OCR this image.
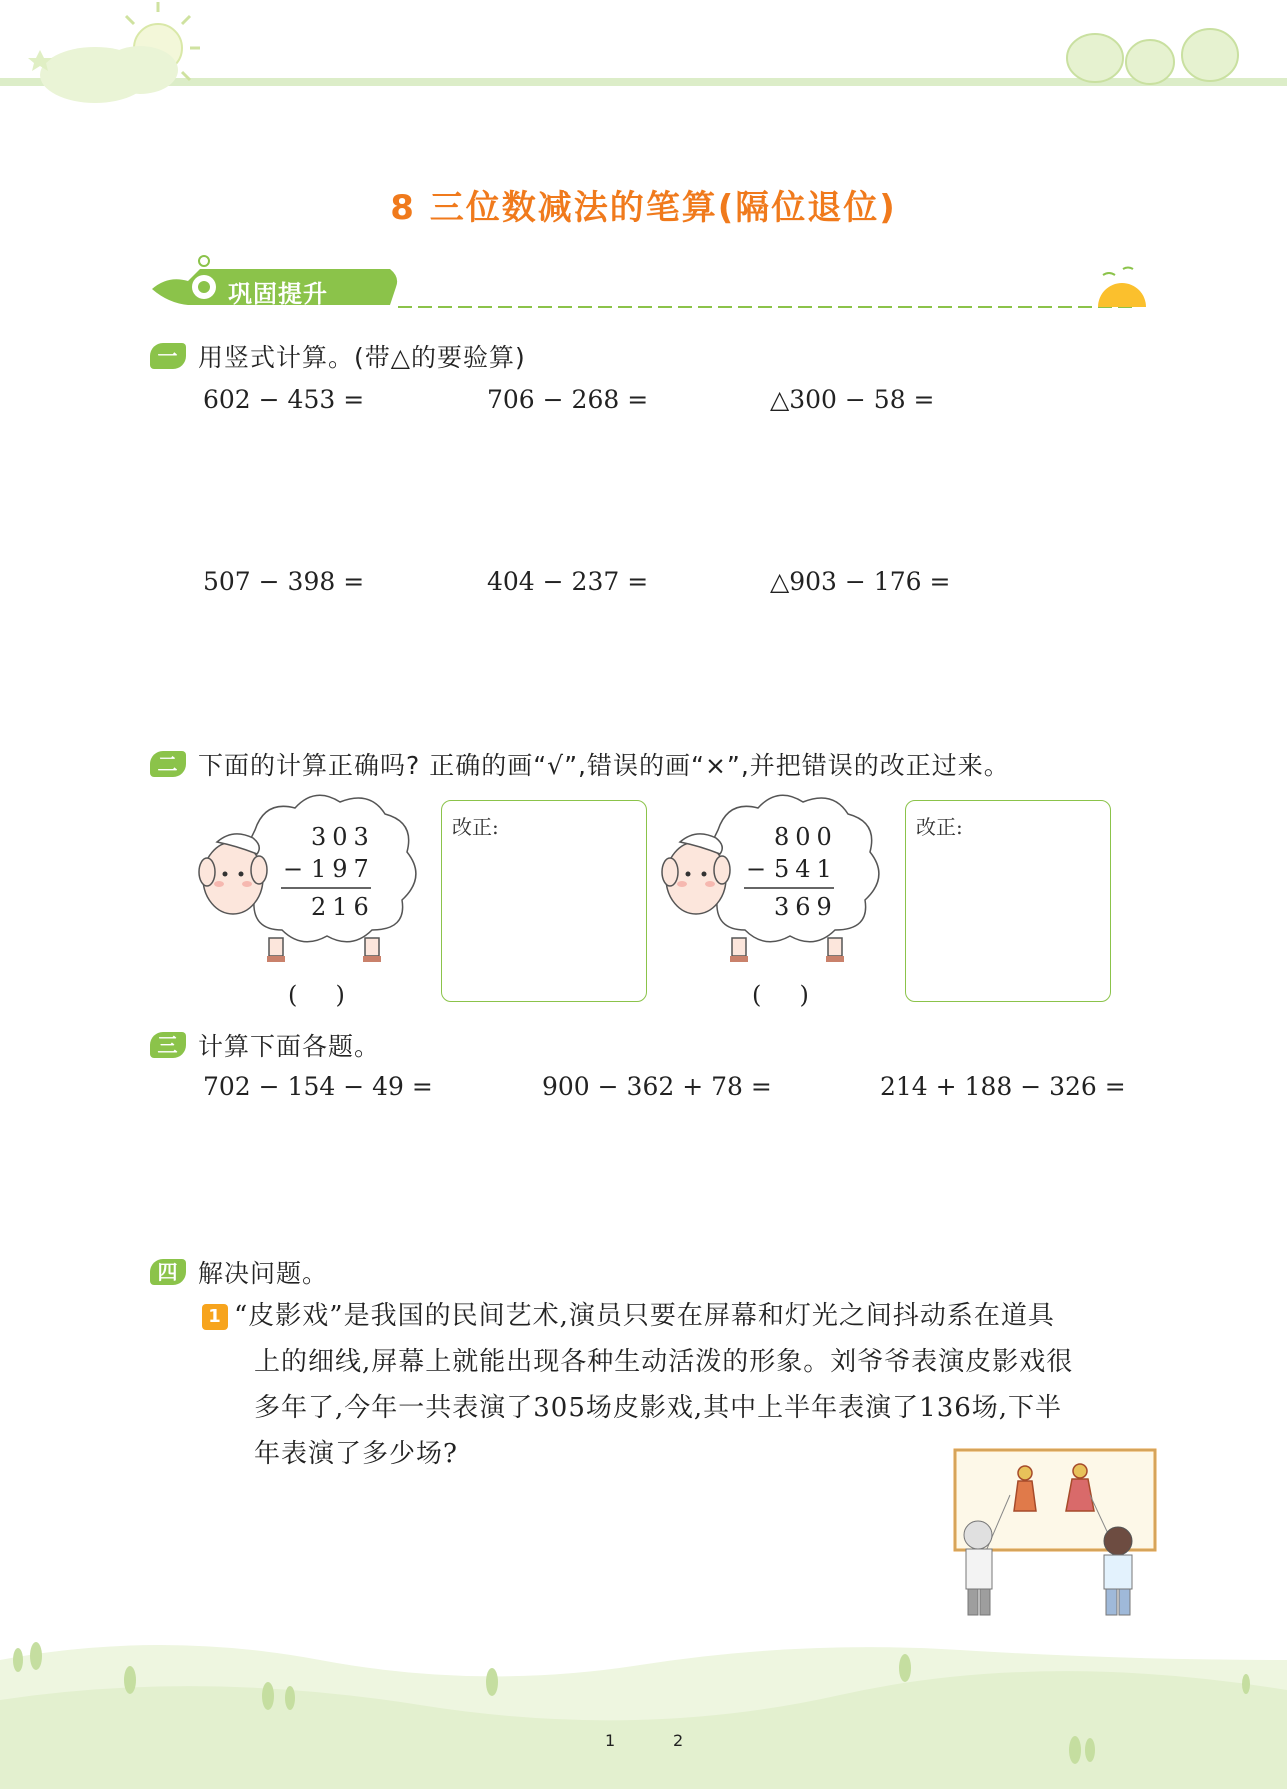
8 三位数减法的笔算(隔位退位)
巩固提升
一 用竖式计算。(带△的要验算)
602 − 453 =	706 − 268 =	△300 − 58 =
507 − 398 =	404 − 237 =	△903 − 176 =
二 下面的计算正确吗? 正确的画“√”,错误的画“×”,并把错误的改正过来。
303
− 197
216
(     )
改正:	800
− 541
369
(     )
改正:
三 计算下面各题。
702 − 154 − 49 =	900 − 362 + 78 =	214 + 188 − 326 =
四 解决问题。
1 “皮影戏”是我国的民间艺术,演员只要在屏幕和灯光之间抖动系在道具
上的细线,屏幕上就能出现各种生动活泼的形象。刘爷爷表演皮影戏很
多年了,今年一共表演了305场皮影戏,其中上半年表演了136场,下半
年表演了多少场?
1	2
